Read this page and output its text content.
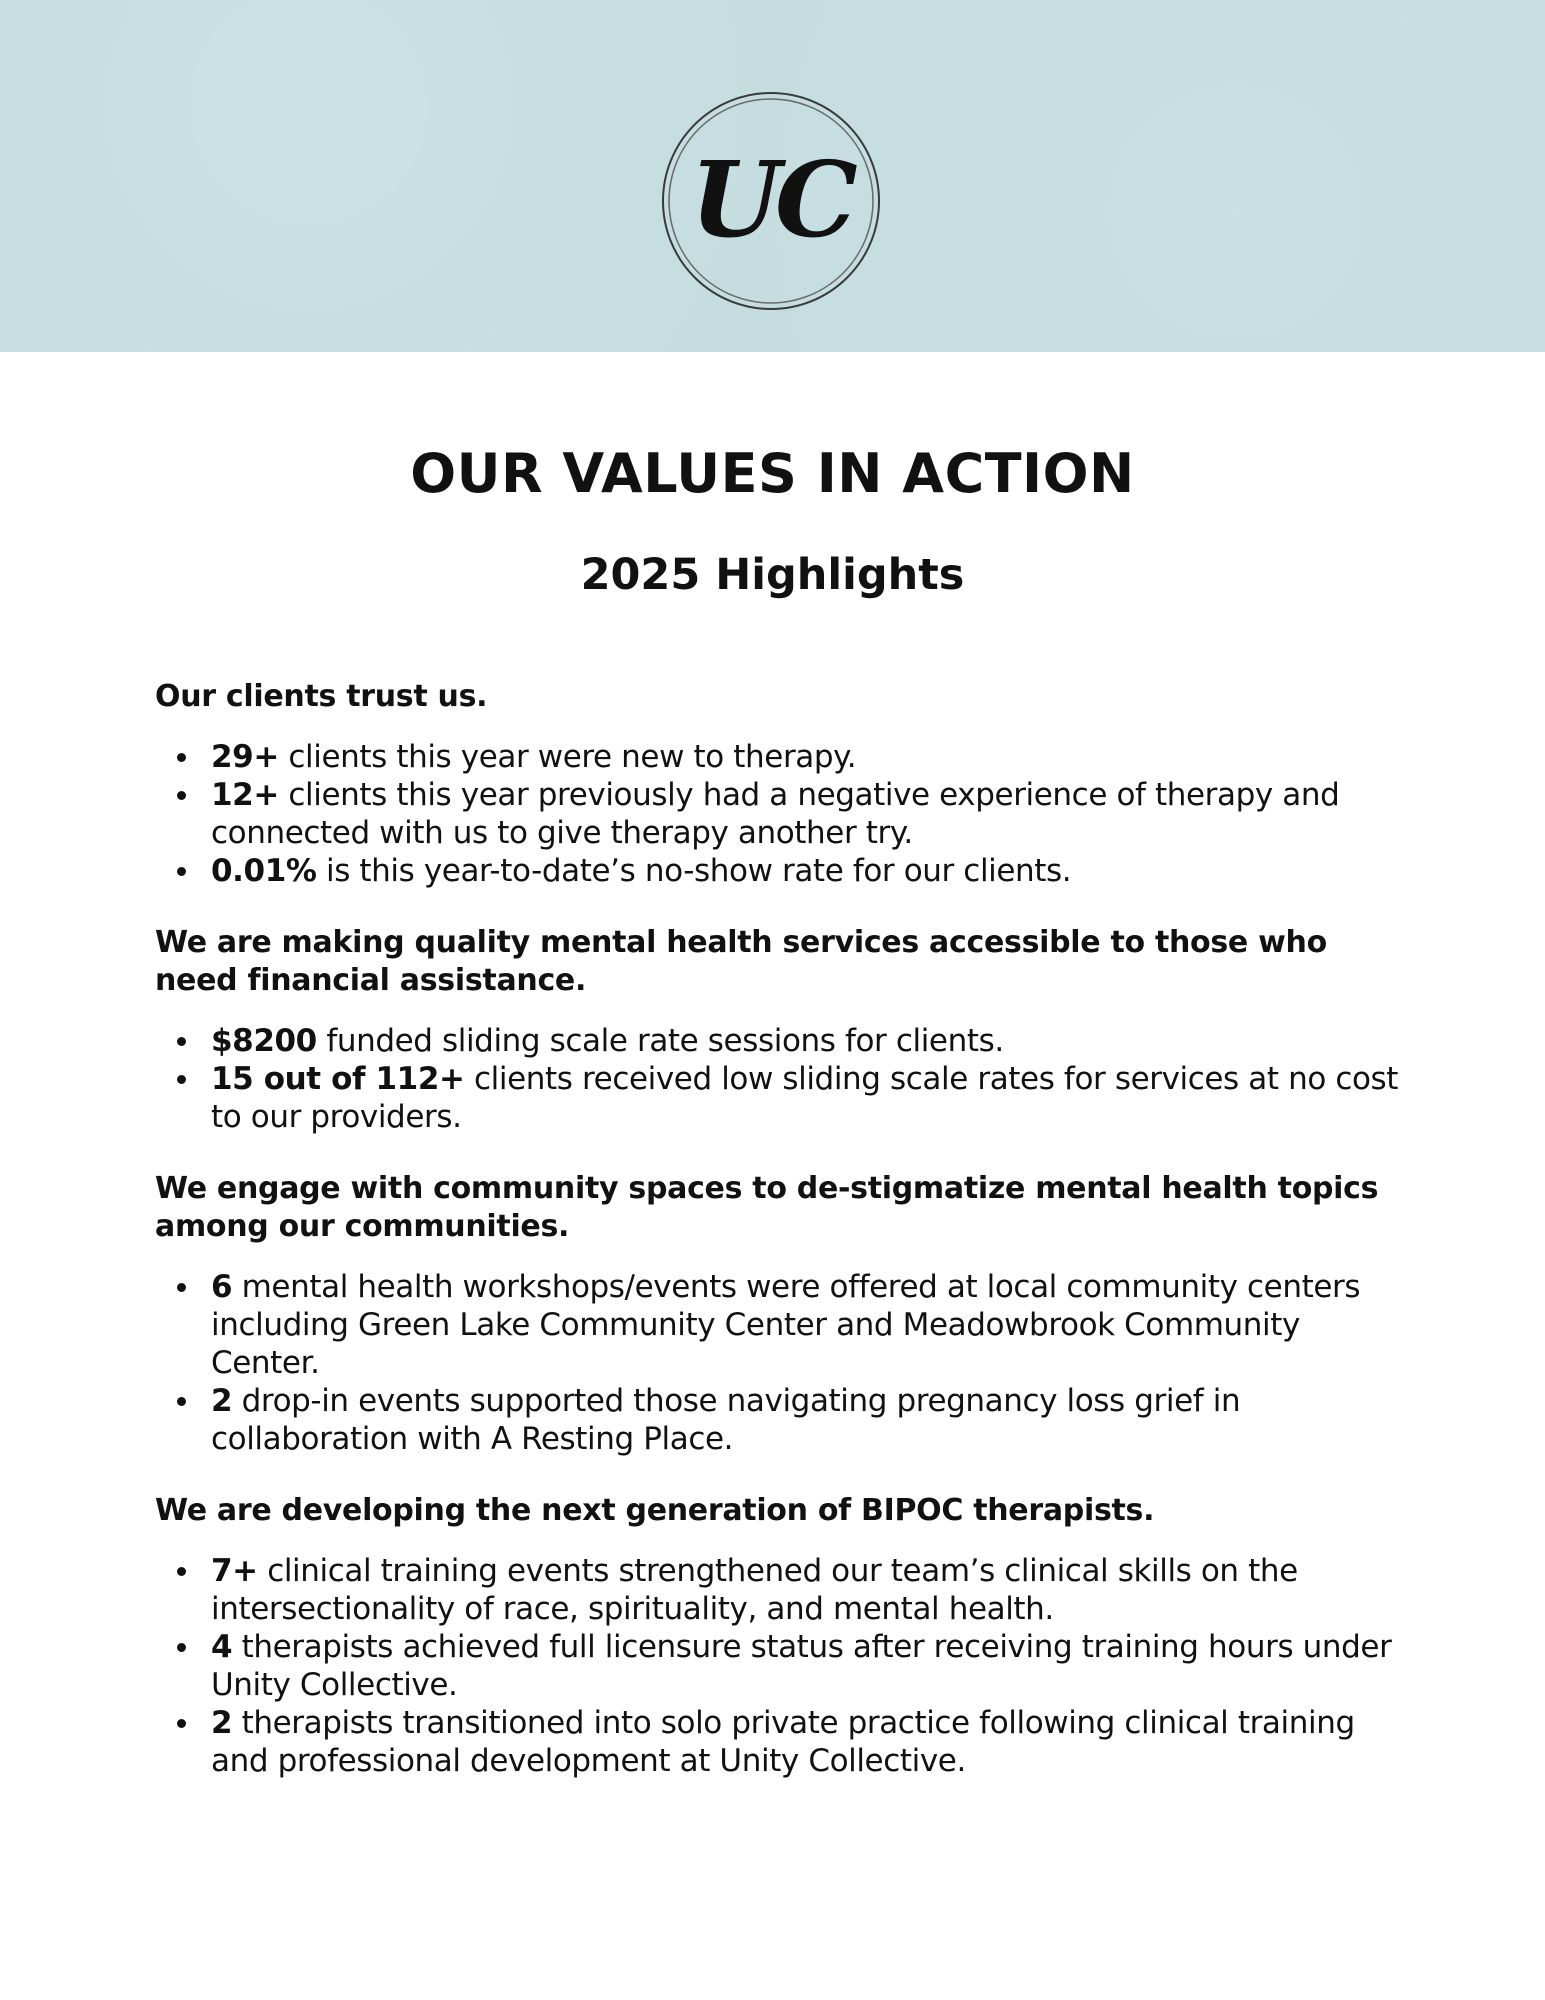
UC
OUR VALUES IN ACTION
2025 Highlights
Our clients trust us.
29+ clients this year were new to therapy.
12+ clients this year previously had a negative experience of therapy and connected with us to give therapy another try.
0.01% is this year-to-date’s no-show rate for our clients.
We are making quality mental health services accessible to those who need financial assistance.
$8200 funded sliding scale rate sessions for clients.
15 out of 112+ clients received low sliding scale rates for services at no cost to our providers.
We engage with community spaces to de-stigmatize mental health topics among our communities.
6 mental health workshops/events were offered at local community centers including Green Lake Community Center and Meadowbrook Community Center.
2 drop-in events supported those navigating pregnancy loss grief in collaboration with A Resting Place.
We are developing the next generation of BIPOC therapists.
7+ clinical training events strengthened our team’s clinical skills on the intersectionality of race, spirituality, and mental health.
4 therapists achieved full licensure status after receiving training hours under Unity Collective.
2 therapists transitioned into solo private practice following clinical training and professional development at Unity Collective.
